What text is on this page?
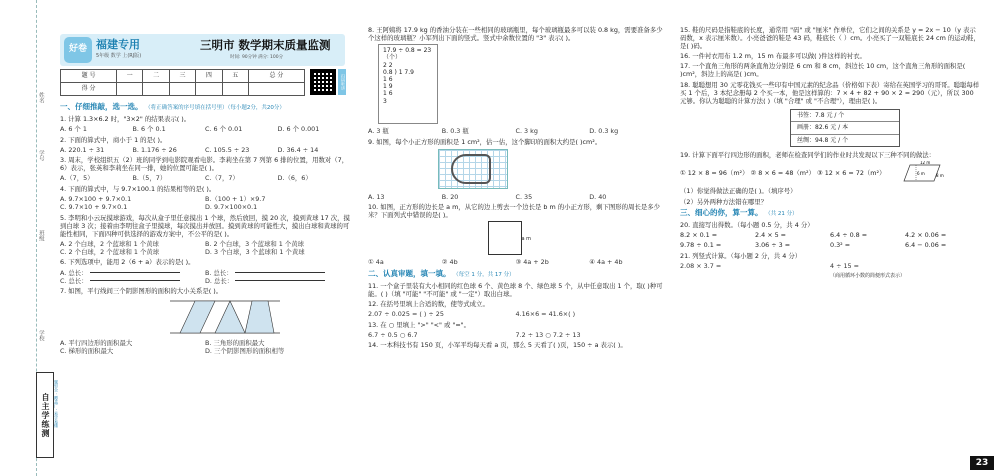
姓名
学号
班级
学校
自主学练测	题型全 · 覆盖广 · 易学易懂
好卷 福建专用
5年级 数学 上(RJ版)
三明市 数学期末质量监测
时间: 90分钟 满分: 100分
题 号	一	二	三	四	五	总 分
得 分							扫码听讲
一、仔细推敲，选一选。 （将正确答案的序号填在括号里）（每小题2分，共20分）
1. 计算 1.3×6.2 时，"3×2" 的结果表示( )。
A. 6 个 1	B. 6 个 0.1	C. 6 个 0.01	D. 6 个 0.001
2. 下面的算式中，商小于 1 的是( )。
A. 220.1 ÷ 31	B. 1.176 ÷ 26	C. 105.5 ÷ 23	D. 36.4 ÷ 14
3. 周末，学校组织五（2）班的同学到电影院观看电影。李莉坐在第 7 列第 6 排的位置，用数对（7，6）表示，张英和李莉坐在同一排，她的位置可能是( )。
A.（7，5）	B.（5，7）	C.（7，7）	D.（6，6）
4. 下面的算式中，与 9.7×100.1 的结果相等的是( )。
A. 9.7×100 + 9.7×0.1	B.（100 + 1）×9.7
C. 9.7×10 + 9.7×0.1	D. 9.7×100×0.1
5. 李明和小云玩摸球游戏，每次从盒子里任意摸出 1 个球，然后放回，摸 20 次，摸到黄球 17 次，摸到白球 3 次；接着由李明往盒子里摸球，每次摸出并放回。摸到黄球的可能性大，摸出白球和黄球的可能性相同，下面四种可供选择的游戏方案中，不公平的是( )。
A. 2 个白球，2 个蓝球和 1 个黄球	B. 2 个白球，3 个蓝球和 1 个黄球
C. 2 个白球，2 个蓝球和 1 个黄球	D. 3 个白球，3 个蓝球和 1 个黄球
6. 下列选项中，能用 2（6 + a）表示的是( )。
A. 总长：	B. 总长：
C. 总长：	D. 总长：
7. 如图，平行线间三个阴影图形的面积的大小关系是( )。
A. 平行四边形的面积最大	B. 三角形的面积最大
C. 梯形的面积最大	D. 三个阴影图形的面积相等
8. 王阿姨将 17.9 kg 的香油分装在一些相同的玻璃瓶里，每个玻璃瓶最多可以装 0.8 kg，需要准备多少个这样的玻璃瓶？小军列出下面的竖式。竖式中余数位置的 "3" 表示( )。
17.9 ÷ 0.8 = 23（个）
2 2
0.8 ) 1 7.9
1 6
1 9
1 6
3
A. 3 瓶	B. 0.3 瓶	C. 3 kg	D. 0.3 kg
9. 如图，每个小正方形的面积是 1 cm²，估一估，这个脚印的面积大约是( )cm²。
A. 13	B. 20	C. 35	D. 40
10. 如图，正方形的边长是 a m，从它的边上剪去一个边长是 b m 的小正方形，剩下图形的周长是多少米？下面列式中错误的是( )。
a m
① 4a	② 4b	③ 4a + 2b	④ 4a + 4b
二、认真审题，填一填。 （每空 1 分，共 17 分）
11. 一个盒子里装有大小相同的红色球 6 个、黄色球 8 个、绿色球 5 个，从中任意取出 1 个，取( )种可能。( )（填 "可能" "不可能" 或 "一定"）取出白球。
12. 在括号里填上合适的数，使等式成立。
2.07 ÷ 0.025 = ( ) ÷ 25	4.16×6 = 41.6×( )
13. 在 ○ 里填上 ">" "<" 或 "="。
6.7 ÷ 0.5 ○ 6.7	7.2 ÷ 13 ○ 7.2 ÷ 13
14. 一本科技书有 150 页，小军平均每天看 a 页，那么 5 天看了( )页，150 ÷ a 表示( )。
15. 鞋的尺码是指鞋底的长度，通常用 "码" 或 "厘米" 作单位，它们之间的关系是 y = 2x − 10（y 表示码数，x 表示厘米数）。小亮爸爸的鞋是 43 码，鞋底长（ ）cm。小亮买了一双鞋底长 24 cm 的运动鞋，是( )码。
16. 一件衬衣用布 1.2 m，15 m 布最多可以做( )件这样的衬衣。
17. 一个直角三角形的两条直角边分别是 6 cm 和 8 cm，斜边长 10 cm，这个直角三角形的面积是( )cm²，斜边上的高是( )cm。
18. 聪聪想用 30 元零花钱买一些印有中国元素的纪念品（价格如下表）寄给在英国学习的哥哥。聪聪每样买 1 个后，3 本纪念册每 2 个买一本，他是这样算的：7 × 4 + 82 + 90 × 2 = 290（元），所以 300 元够。你认为聪聪的计算方法( )（填 "合理" 或 "不合理"），理由是( )。
书签：7.8 元 / 个
画册：82.6 元 / 本
丝绸：94.8 元 / 个
19. 计算下面平行四边形的面积，老师在检查同学们的作业时共发现以下三种不同的做法：
① 12 × 8 = 96（m²） ② 8 × 6 = 48（m²） ③ 12 × 6 = 72（m²）
12 m
6 m	8 m
（1）你觉得做法正确的是( )。（填序号）
（2）另外两种方法错在哪里？
三、细心的你，算一算。 （共 21 分）
20. 直接写出得数。（每小题 0.5 分，共 4 分）
8.2 × 0.1 =	2.4 × 5 =	6.4 ÷ 0.8 =	4.2 × 0.06 =
9.78 ÷ 0.1 =	3.06 ÷ 3 =	0.3² =	6.4 − 0.06 =
21. 列竖式计算。（每小题 2 分，共 4 分）
2.08 × 3.7 =	4 ÷ 15 =
（商用循环小数的简便形式表示）
23
